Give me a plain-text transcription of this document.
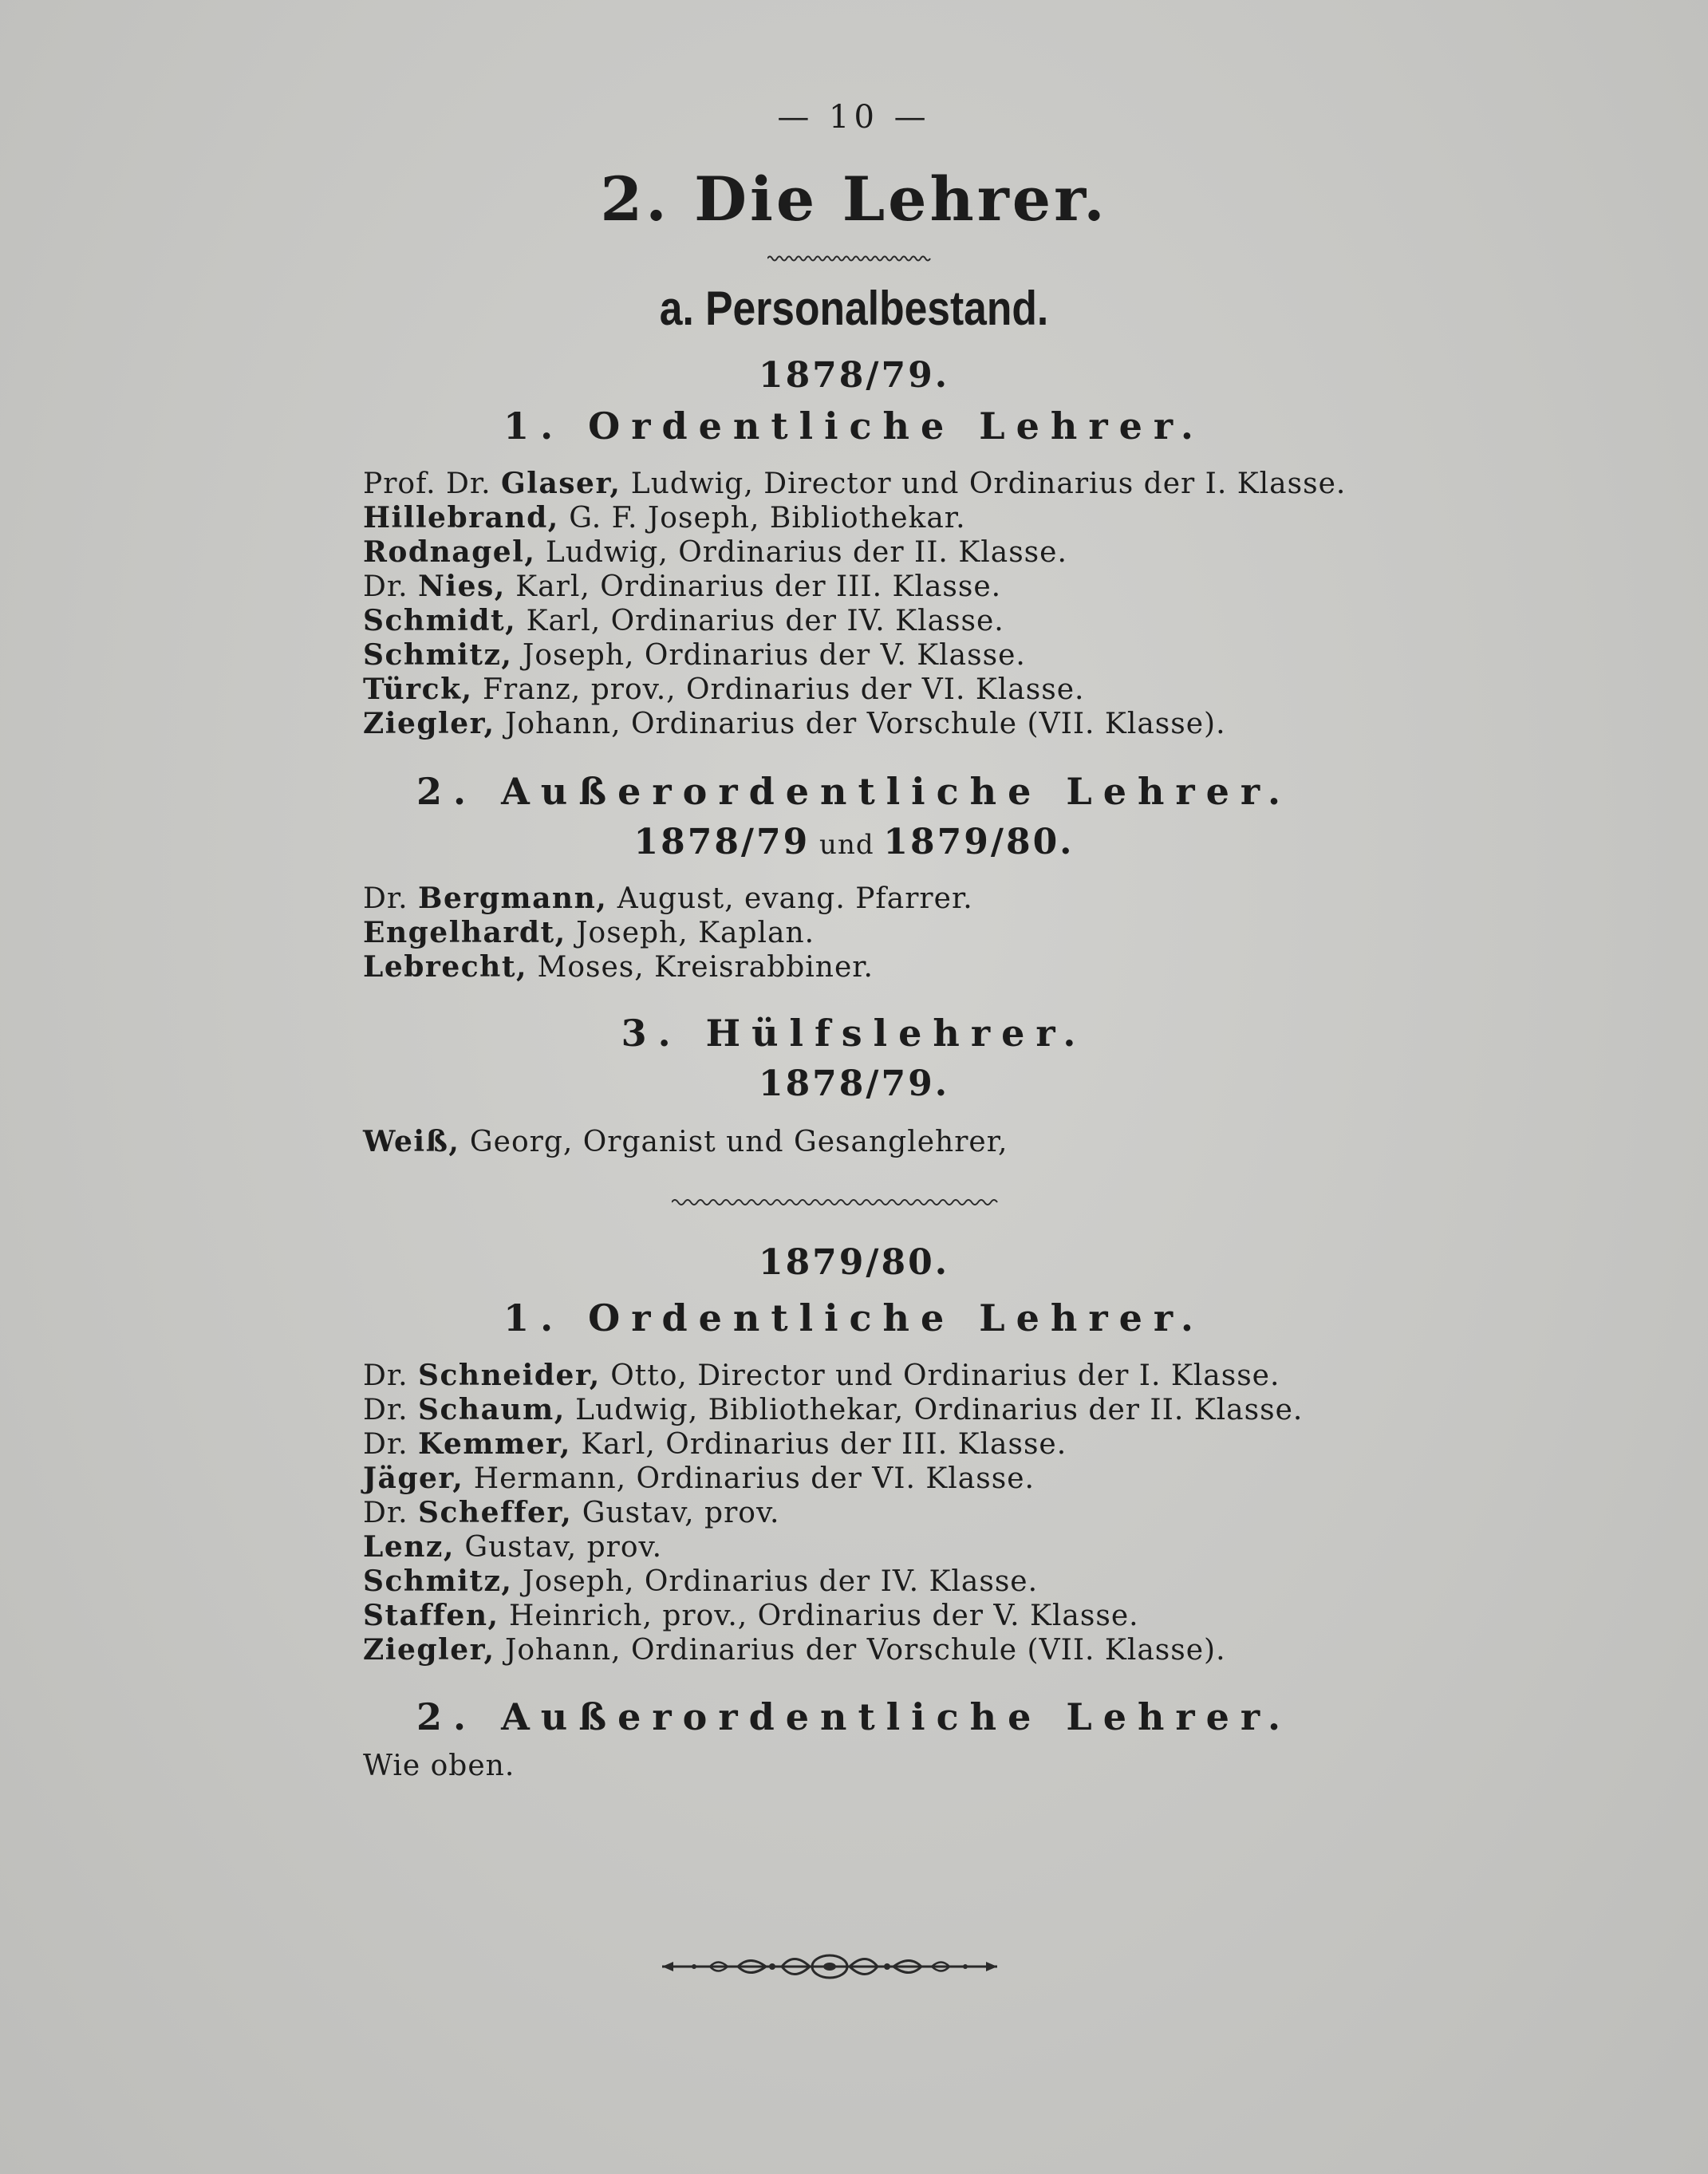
— 10 —
2. Die Lehrer.
a. Personalbestand.
1878/79.
1. Ordentliche Lehrer.
Prof. Dr. Glaser, Ludwig, Director und Ordinarius der I. Klasse.
Hillebrand, G. F. Joseph, Bibliothekar.
Rodnagel, Ludwig, Ordinarius der II. Klasse.
Dr. Nies, Karl, Ordinarius der III. Klasse.
Schmidt, Karl, Ordinarius der IV. Klasse.
Schmitz, Joseph, Ordinarius der V. Klasse.
Türck, Franz, prov., Ordinarius der VI. Klasse.
Ziegler, Johann, Ordinarius der Vorschule (VII. Klasse).
2. Außerordentliche Lehrer.
1878/79 und 1879/80.
Dr. Bergmann, August, evang. Pfarrer.
Engelhardt, Joseph, Kaplan.
Lebrecht, Moses, Kreisrabbiner.
3. Hülfslehrer.
1878/79.
Weiß, Georg, Organist und Gesanglehrer,
1879/80.
1. Ordentliche Lehrer.
Dr. Schneider, Otto, Director und Ordinarius der I. Klasse.
Dr. Schaum, Ludwig, Bibliothekar, Ordinarius der II. Klasse.
Dr. Kemmer, Karl, Ordinarius der III. Klasse.
Jäger, Hermann, Ordinarius der VI. Klasse.
Dr. Scheffer, Gustav, prov.
Lenz, Gustav, prov.
Schmitz, Joseph, Ordinarius der IV. Klasse.
Staffen, Heinrich, prov., Ordinarius der V. Klasse.
Ziegler, Johann, Ordinarius der Vorschule (VII. Klasse).
2. Außerordentliche Lehrer.
Wie oben.
